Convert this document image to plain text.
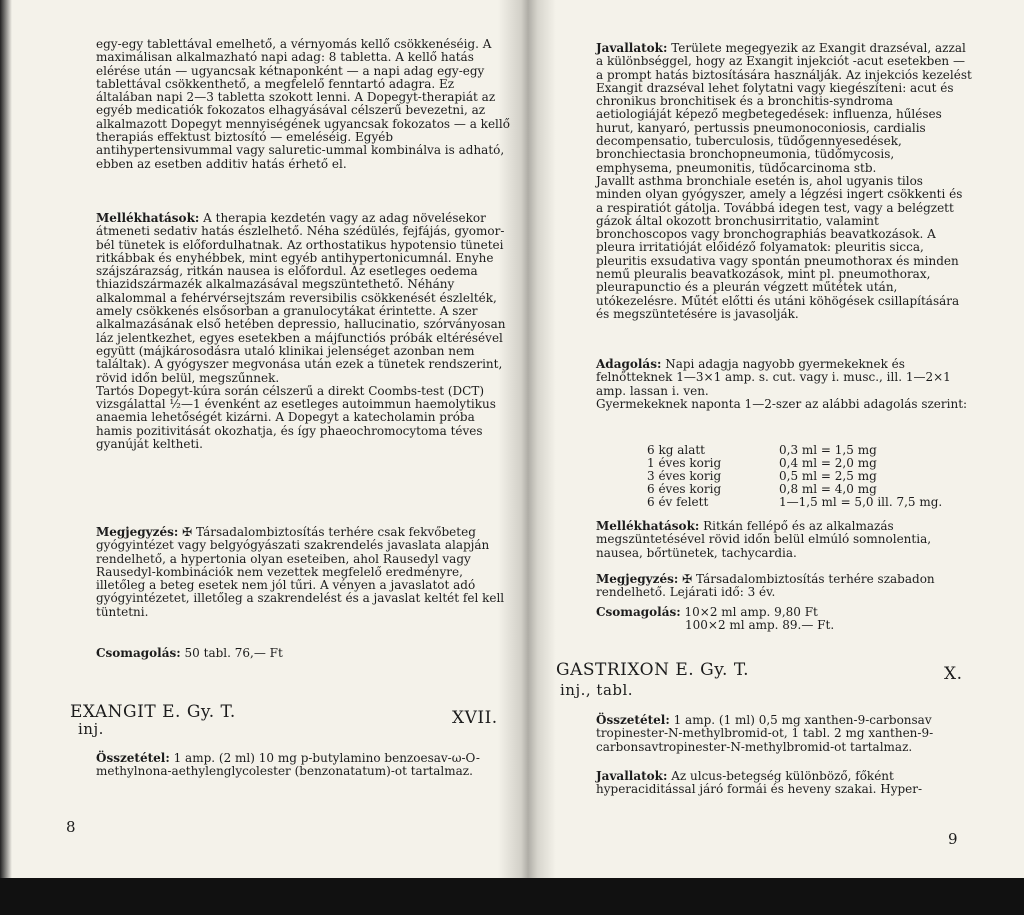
egy-egy tablettával emelhető, a vérnyomás kellő csökkenéséig. A maximálisan alkalmazható napi adag: 8 tabletta. A kellő hatás elérése után — ugyancsak kétnaponként — a napi adag egy-egy tablettával csökkenthető, a megfelelő fenntartó adagra. Ez általában napi 2—3 tabletta szokott lenni. A Dopegyt-therapiát az egyéb medicatiók fokozatos elhagyásával célszerű bevezetni, az alkalmazott Dopegyt mennyiségének ugyancsak fokozatos — a kellő therapiás effektust biztosító — emeléséig. Egyéb antihypertensivummal vagy saluretic-ummal kombinálva is adható, ebben az esetben additiv hatás érhető el.

Mellékhatások: A therapia kezdetén vagy az adag növelésekor átmeneti sedativ hatás észlelhető. Néha szédülés, fejfájás, gyomor-bél tünetek is előfordulhatnak. Az orthostatikus hypotensio tünetei ritkábbak és enyhébbek, mint egyéb antihypertonicumnál. Enyhe szájszárazság, ritkán nausea is előfordul. Az esetleges oedema thiazidszármazék alkalmazásával megszüntethető. Néhány alkalommal a fehérvérsejtszám reversibilis csökkenését észlelték, amely csökkenés elsősorban a granulocytákat érintette. A szer alkalmazásának első hetében depressio, hallucinatio, szórványosan láz jelentkezhet, egyes esetekben a májfunctiós próbák eltérésével együtt (májkárosodásra utaló klinikai jelenséget azonban nem találtak). A gyógyszer megvonása után ezek a tünetek rendszerint, rövid időn belül, megszűnnek.
Tartós Dopegyt-kúra során célszerű a direkt Coombs-test (DCT) vizsgálattal ½—1 évenként az esetleges autoimmun haemolytikus anaemia lehetőségét kizárni. A Dopegyt a katecholamin próba hamis pozitivitását okozhatja, és így phaeochromocytoma téves gyanúját keltheti.

Megjegyzés: ✠ Társadalombiztosítás terhére csak fekvőbeteg gyógyintézet vagy belgyógyászati szakrendelés javaslata alapján rendelhető, a hypertonia olyan eseteiben, ahol Rausedyl vagy Rausedyl-kombinációk nem vezettek megfelelő eredményre, illetőleg a beteg esetek nem jól tűri. A vényen a javaslatot adó gyógyintézetet, illetőleg a szakrendelést és a javaslat keltét fel kell tüntetni.

Csomagolás: 50 tabl. 76,— Ft

EXANGIT E. Gy. T.	XVII.
inj.

Összetétel: 1 amp. (2 ml) 10 mg p-butylamino benzoesav-ω-O-methylnona-aethylenglycolester (benzonatatum)-ot tartalmaz.

8

Javallatok: Területe megegyezik az Exangit drazséval, azzal a különbséggel, hogy az Exangit injekciót -acut esetekben — a prompt hatás biztosítására használják. Az injekciós kezelést Exangit drazséval lehet folytatni vagy kiegészíteni: acut és chronikus bronchitisek és a bronchitis-syndroma aetiologiáját képező megbetegedések: influenza, hűléses hurut, kanyaró, pertussis pneumonoconiosis, cardialis decompensatio, tuberculosis, tüdőgennyesedések, bronchiectasia bronchopneumonia, tüdőmycosis, emphysema, pneumonitis, tüdőcarcinoma stb.
Javallt asthma bronchiale esetén is, ahol ugyanis tilos minden olyan gyógyszer, amely a légzési ingert csökkenti és a respiratiót gátolja. Továbbá idegen test, vagy a belégzett gázok által okozott bronchusirritatio, valamint bronchoscopos vagy bronchographiás beavatkozások. A pleura irritatióját előidéző folyamatok: pleuritis sicca, pleuritis exsudativa vagy spontán pneumothorax és minden nemű pleuralis beavatkozások, mint pl. pneumothorax, pleurapunctio és a pleurán végzett műtétek után, utókezelésre. Műtét előtti és utáni köhögések csillapítására és megszüntetésére is javasolják.

Adagolás: Napi adagja nagyobb gyermekeknek és felnőtteknek 1—3×1 amp. s. cut. vagy i. musc., ill. 1—2×1 amp. lassan i. ven.
Gyermekeknek naponta 1—2-szer az alábbi adagolás szerint:

6 kg alatt	0,3 ml = 1,5 mg
1 éves korig	0,4 ml = 2,0 mg
3 éves korig	0,5 ml = 2,5 mg
6 éves korig	0,8 ml = 4,0 mg
6 év felett	1—1,5 ml = 5,0 ill. 7,5 mg.

Mellékhatások: Ritkán fellépő és az alkalmazás megszüntetésével rövid időn belül elmúló somnolentia, nausea, bőrtünetek, tachycardia.

Megjegyzés: ✠ Társadalombiztosítás terhére szabadon rendelhető. Lejárati idő: 3 év.

Csomagolás: 10×2 ml amp. 9,80 Ft

100×2 ml amp. 89.— Ft.

GASTRIXON E. Gy. T.	X.
inj., tabl.

Összetétel: 1 amp. (1 ml) 0,5 mg xanthen-9-carbonsav tropinester-N-methylbromid-ot, 1 tabl. 2 mg xanthen-9-carbonsavtropinester-N-methylbromid-ot tartalmaz.

Javallatok: Az ulcus-betegség különböző, főként hyperaciditással járó formái és heveny szakai. Hyper-

9
